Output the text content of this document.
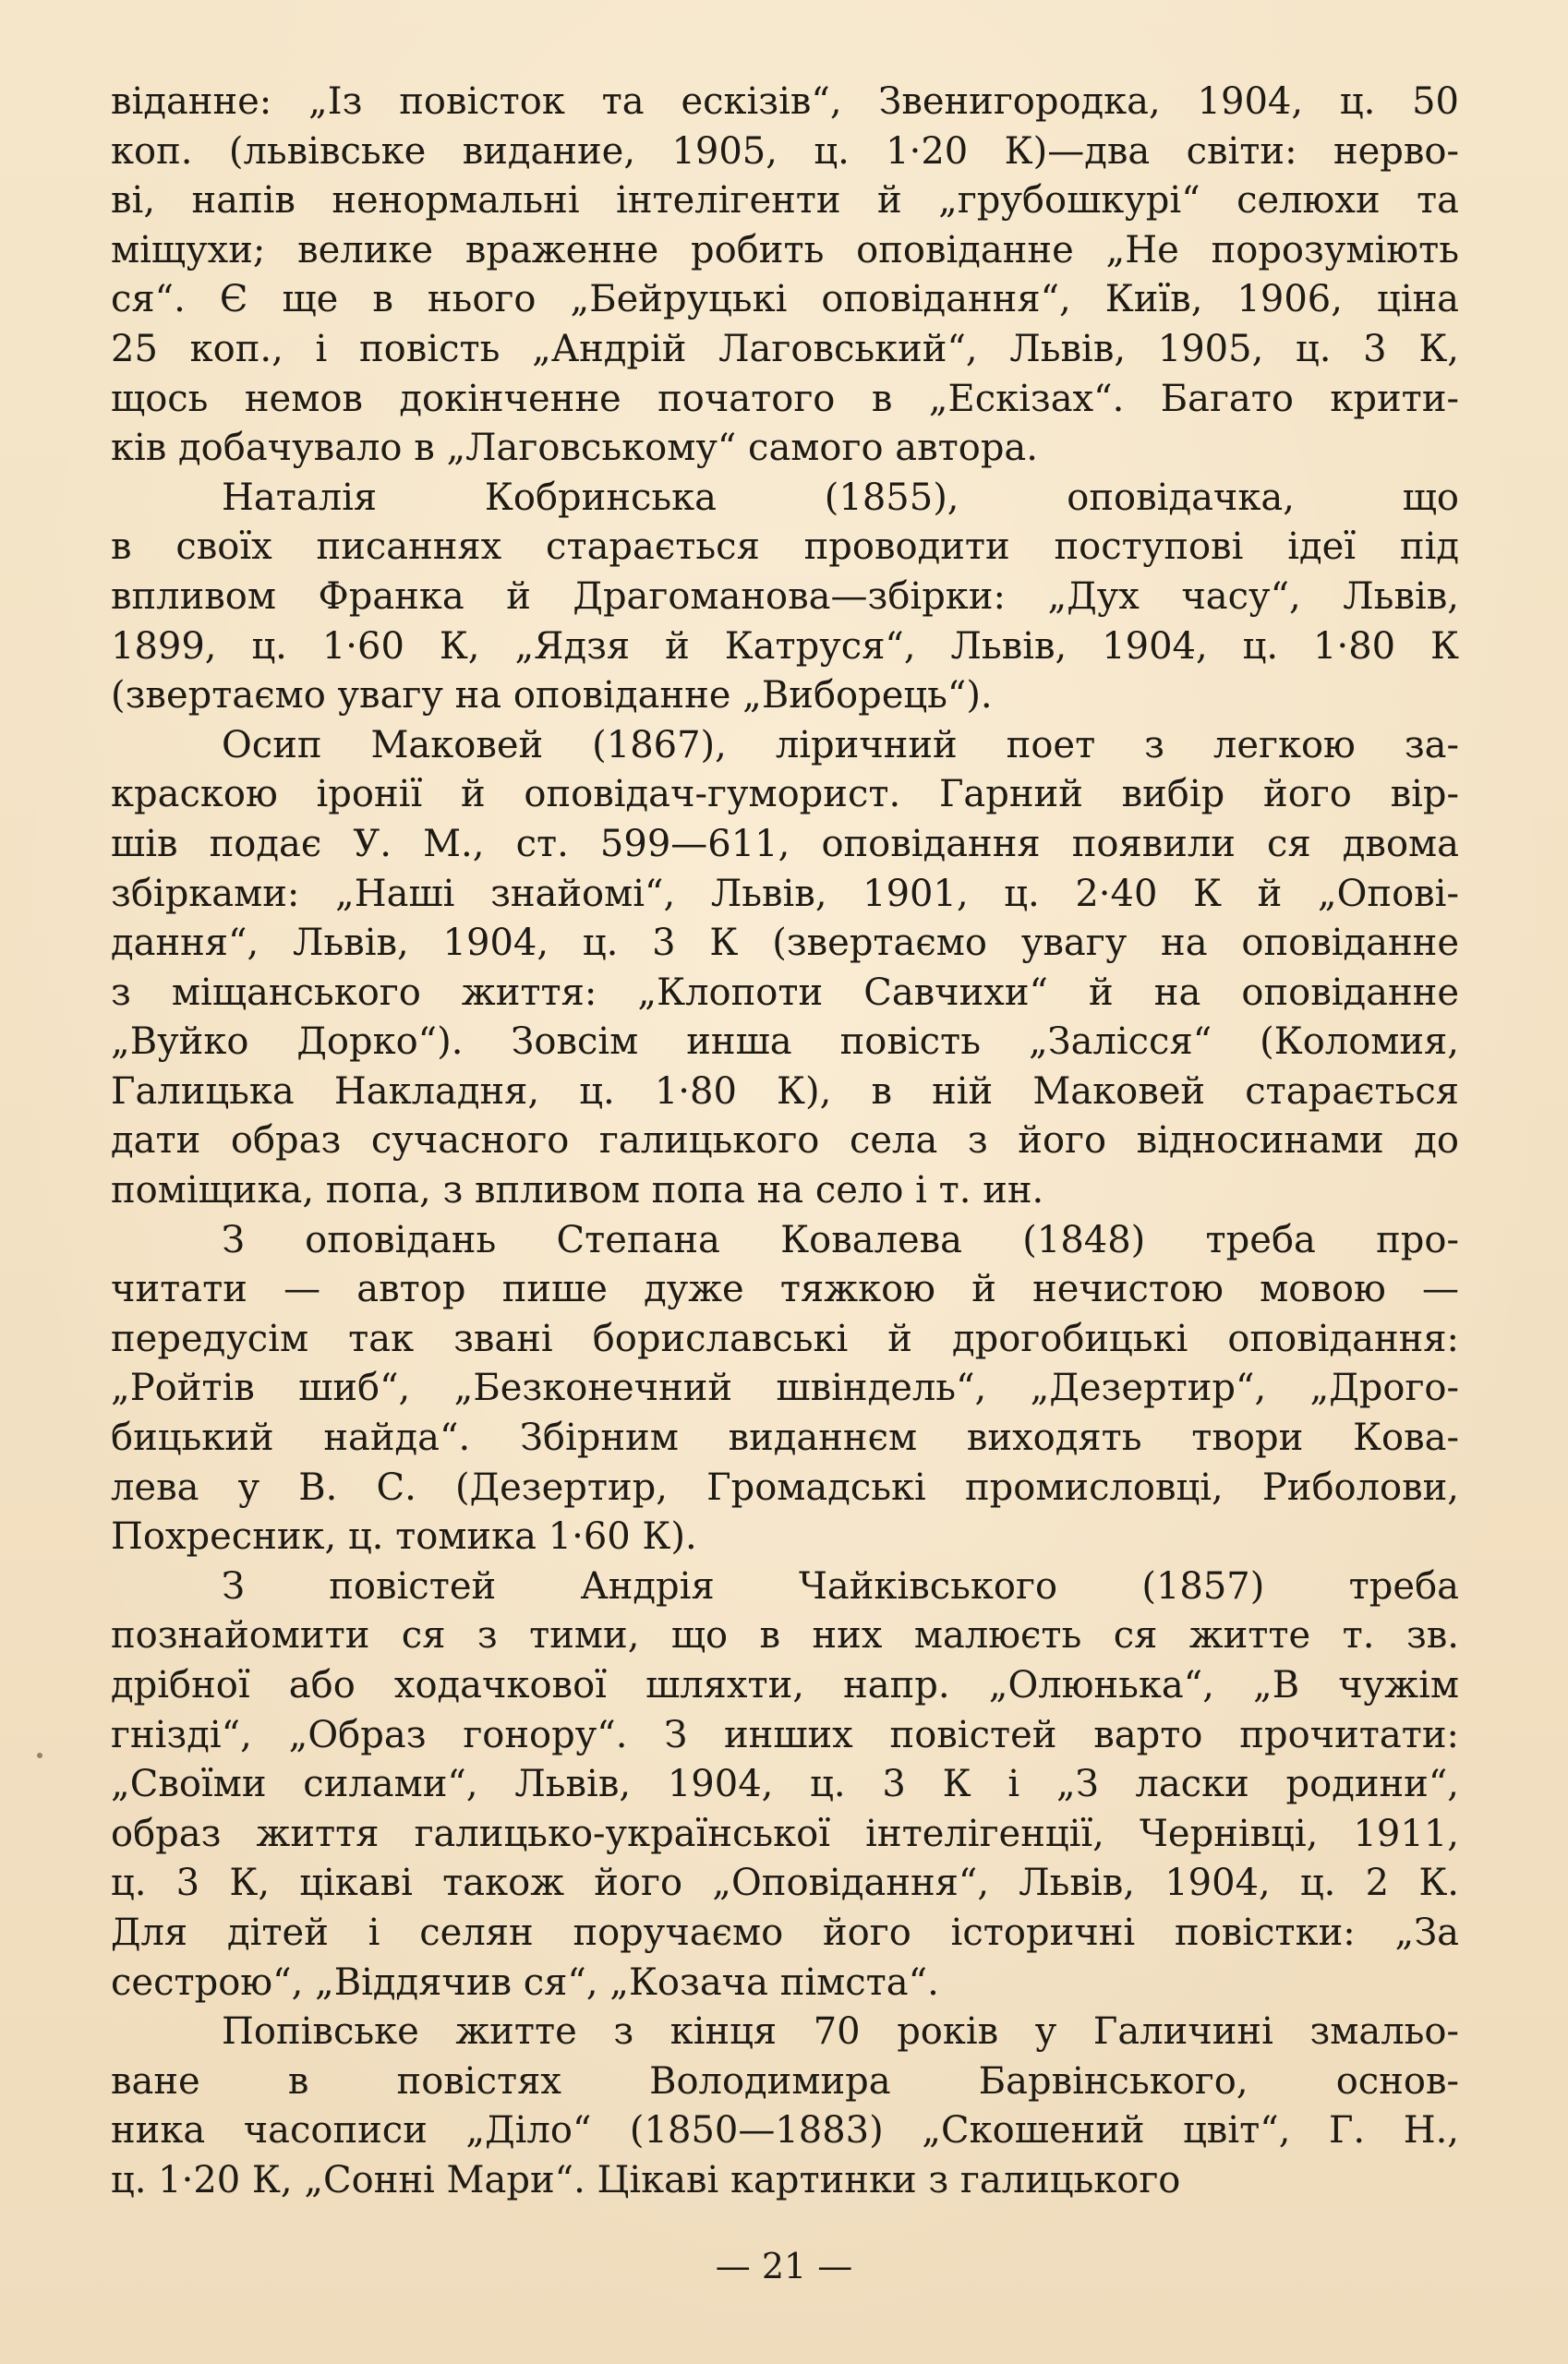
віданне: „Із повісток та ескізів“, Звенигородка, 1904, ц. 50
коп. (львівське видание, 1905, ц. 1·20 К)—два світи: нерво-
ві, напів ненормальні інтелігенти й „грубошкурі“ селюхи та
міщухи; велике враженне робить оповіданне „Не порозуміють
ся“. Є ще в нього „Бейруцькі оповідання“, Київ, 1906, ціна
25 коп., і повість „Андрій Лаговський“, Львів, 1905, ц. 3 К,
щось немов докінченне початого в „Ескізах“. Багато крити-
ків добачувало в „Лаговському“ самого автора.
Наталія Кобринська (1855), оповідачка, що
в своїх писаннях старається проводити поступові ідеї під
впливом Франка й Драгоманова—збірки: „Дух часу“, Львів,
1899, ц. 1·60 К, „Ядзя й Катруся“, Львів, 1904, ц. 1·80 К
(звертаємо увагу на оповіданне „Виборець“).
Осип Маковей (1867), ліричний поет з легкою за-
краскою іронії й оповідач-гуморист. Гарний вибір його вір-
шів подає У. М., ст. 599—611, оповідання появили ся двома
збірками: „Наші знайомі“, Львів, 1901, ц. 2·40 К й „Опові-
дання“, Львів, 1904, ц. 3 К (звертаємо увагу на оповіданне
з міщанського життя: „Клопоти Савчихи“ й на оповіданне
„Вуйко Дорко“). Зовсім инша повість „Залісся“ (Коломия,
Галицька Накладня, ц. 1·80 К), в ній Маковей старається
дати образ сучасного галицького села з його відносинами до
поміщика, попа, з впливом попа на село і т. ин.
З оповідань Степана Ковалева (1848) треба про-
читати — автор пише дуже тяжкою й нечистою мовою —
передусім так звані бориславські й дрогобицькі оповідання:
„Ройтів шиб“, „Безконечний швіндель“, „Дезертир“, „Дрого-
бицький найда“. Збірним виданнєм виходять твори Кова-
лева у В. С. (Дезертир, Громадські промисловці, Риболови,
Похресник, ц. томика 1·60 К).
З повістей Андрія Чайківського (1857) треба
познайомити ся з тими, що в них малюєть ся житте т. зв.
дрібної або ходачкової шляхти, напр. „Олюнька“, „В чужім
гнізді“, „Образ гонору“. З инших повістей варто прочитати:
„Своїми силами“, Львів, 1904, ц. 3 К і „З ласки родини“,
образ життя галицько-української інтелігенції, Чернівці, 1911,
ц. 3 К, цікаві також його „Оповідання“, Львів, 1904, ц. 2 К.
Для дітей і селян поручаємо його історичні повістки: „За
сестрою“, „Віддячив ся“, „Козача пімста“.
Попівське житте з кінця 70 років у Галичині змальо-
ване в повістях Володимира Барвінського, основ-
ника часописи „Діло“ (1850—1883) „Скошений цвіт“, Г. Н.,
ц. 1·20 К, „Сонні Мари“. Цікаві картинки з галицького
— 21 —
